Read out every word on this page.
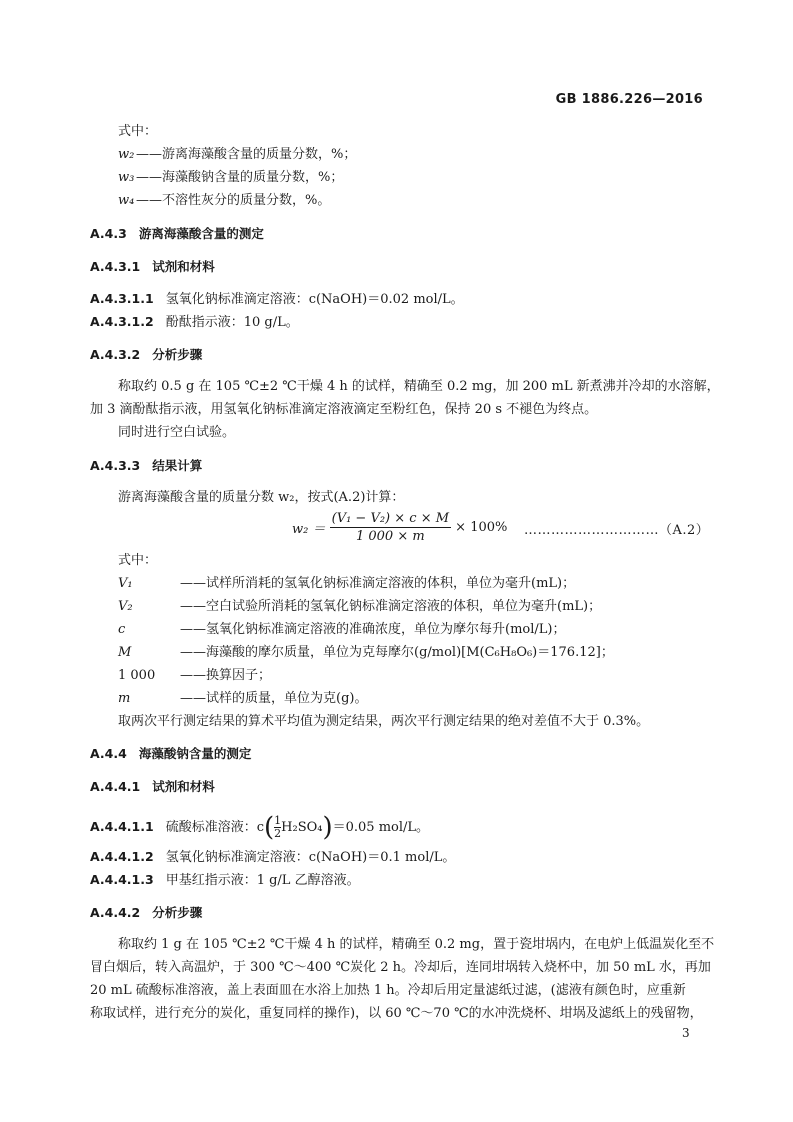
GB 1886.226—2016
式中：
w₂ ——游离海藻酸含量的质量分数，%；
w₃ ——海藻酸钠含量的质量分数，%；
w₄ ——不溶性灰分的质量分数，%。
A.4.3 游离海藻酸含量的测定
A.4.3.1 试剂和材料
A.4.3.1.1 氢氧化钠标准滴定溶液：c(NaOH)＝0.02 mol/L。
A.4.3.1.2 酚酞指示液：10 g/L。
A.4.3.2 分析步骤
称取约 0.5 g 在 105 ℃±2 ℃干燥 4 h 的试样，精确至 0.2 mg，加 200 mL 新煮沸并冷却的水溶解，
加 3 滴酚酞指示液，用氢氧化钠标准滴定溶液滴定至粉红色，保持 20 s 不褪色为终点。
同时进行空白试验。
A.4.3.3 结果计算
游离海藻酸含量的质量分数 w₂，按式(A.2)计算：
$w_2 = \frac{\text{(V₁ − V₂) × c × M}}{1 000 \times m} \times 100\%$ …………………………（A.2）
式中：
V₁	——试样所消耗的氢氧化钠标准滴定溶液的体积，单位为毫升(mL)；
V₂	——空白试验所消耗的氢氧化钠标准滴定溶液的体积，单位为毫升(mL)；
c	——氢氧化钠标准滴定溶液的准确浓度，单位为摩尔每升(mol/L)；
M	——海藻酸的摩尔质量，单位为克每摩尔(g/mol)[M(C₆H₈O₆)＝176.12]；
1 000 ——换算因子；
m	——试样的质量，单位为克(g)。
取两次平行测定结果的算术平均值为测定结果，两次平行测定结果的绝对差值不大于 0.3%。
A.4.4 海藻酸钠含量的测定
A.4.4.1 试剂和材料
A.4.4.1.1 硫酸标准溶液：$c( \frac{1}{2} H_2SO_4)=0.05$ mol/L。
A.4.4.1.2 氢氧化钠标准滴定溶液：c(NaOH)＝0.1 mol/L。
A.4.4.1.3 甲基红指示液：1 g/L 乙醇溶液。
A.4.4.2 分析步骤
称取约 1 g 在 105 ℃±2 ℃干燥 4 h 的试样，精确至 0.2 mg，置于瓷坩埚内，在电炉上低温炭化至不
冒白烟后，转入高温炉，于 300 ℃～400 ℃炭化 2 h。冷却后，连同坩埚转入烧杯中，加 50 mL 水，再加
20 mL 硫酸标准溶液，盖上表面皿在水浴上加热 1 h。冷却后用定量滤纸过滤，(滤液有颜色时，应重新
称取试样，进行充分的炭化，重复同样的操作)，以 60 ℃～70 ℃的水冲洗烧杯、坩埚及滤纸上的残留物，
3
